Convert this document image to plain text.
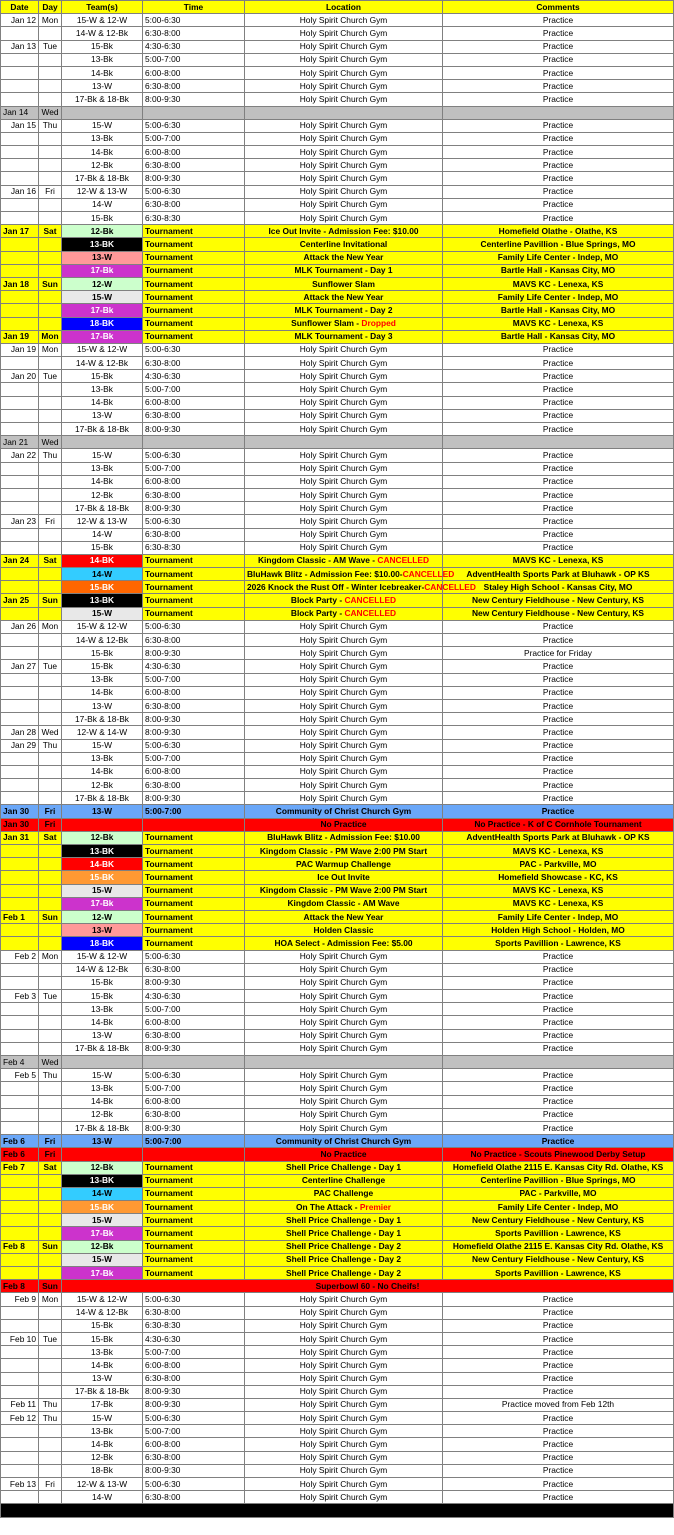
Date	Day	Team(s)	Time	Location	Comments
Jan 12	Mon	15-W & 12-W	5:00-6:30	Holy Spirit Church Gym	Practice
		14-W & 12-Bk	6:30-8:00	Holy Spirit Church Gym	Practice
Jan 13	Tue	15-Bk	4:30-6:30	Holy Spirit Church Gym	Practice
		13-Bk	5:00-7:00	Holy Spirit Church Gym	Practice
		14-Bk	6:00-8:00	Holy Spirit Church Gym	Practice
		13-W	6:30-8:00	Holy Spirit Church Gym	Practice
		17-Bk & 18-Bk	8:00-9:30	Holy Spirit Church Gym	Practice
Jan 14	Wed				
Jan 15	Thu	15-W	5:00-6:30	Holy Spirit Church Gym	Practice
		13-Bk	5:00-7:00	Holy Spirit Church Gym	Practice
		14-Bk	6:00-8:00	Holy Spirit Church Gym	Practice
		12-Bk	6:30-8:00	Holy Spirit Church Gym	Practice
		17-Bk & 18-Bk	8:00-9:30	Holy Spirit Church Gym	Practice
Jan 16	Fri	12-W & 13-W	5:00-6:30	Holy Spirit Church Gym	Practice
		14-W	6:30-8:00	Holy Spirit Church Gym	Practice
		15-Bk	6:30-8:30	Holy Spirit Church Gym	Practice
Jan 17	Sat	12-Bk	Tournament	Ice Out Invite - Admission Fee: $10.00	Homefield Olathe - Olathe, KS
		13-BK	Tournament	Centerline Invitational	Centerline Pavillion - Blue Springs, MO
		13-W	Tournament	Attack the New Year	Family Life Center - Indep, MO
		17-Bk	Tournament	MLK Tournament - Day 1	Bartle Hall - Kansas City, MO
Jan 18	Sun	12-W	Tournament	Sunflower Slam	MAVS KC - Lenexa, KS
		15-W	Tournament	Attack the New Year	Family Life Center - Indep, MO
		17-Bk	Tournament	MLK Tournament - Day 2	Bartle Hall - Kansas City, MO
		18-BK	Tournament	Sunflower Slam - Dropped	MAVS KC - Lenexa, KS
Jan 19	Mon	17-Bk	Tournament	MLK Tournament - Day 3	Bartle Hall - Kansas City, MO
Jan 19	Mon	15-W & 12-W	5:00-6:30	Holy Spirit Church Gym	Practice
		14-W & 12-Bk	6:30-8:00	Holy Spirit Church Gym	Practice
Jan 20	Tue	15-Bk	4:30-6:30	Holy Spirit Church Gym	Practice
		13-Bk	5:00-7:00	Holy Spirit Church Gym	Practice
		14-Bk	6:00-8:00	Holy Spirit Church Gym	Practice
		13-W	6:30-8:00	Holy Spirit Church Gym	Practice
		17-Bk & 18-Bk	8:00-9:30	Holy Spirit Church Gym	Practice
Jan 21	Wed				
Jan 22	Thu	15-W	5:00-6:30	Holy Spirit Church Gym	Practice
		13-Bk	5:00-7:00	Holy Spirit Church Gym	Practice
		14-Bk	6:00-8:00	Holy Spirit Church Gym	Practice
		12-Bk	6:30-8:00	Holy Spirit Church Gym	Practice
		17-Bk & 18-Bk	8:00-9:30	Holy Spirit Church Gym	Practice
Jan 23	Fri	12-W & 13-W	5:00-6:30	Holy Spirit Church Gym	Practice
		14-W	6:30-8:00	Holy Spirit Church Gym	Practice
		15-Bk	6:30-8:30	Holy Spirit Church Gym	Practice
Jan 24	Sat	14-BK	Tournament	Kingdom Classic - AM Wave - CANCELLED	MAVS KC - Lenexa, KS
		14-W	Tournament	BluHawk Blitz - Admission Fee: $10.00-CANCELLED	AdventHealth Sports Park at Bluhawk - OP KS
		15-BK	Tournament	2026 Knock the Rust Off - Winter Icebreaker-CANCELLED	Staley High School - Kansas City, MO
Jan 25	Sun	13-BK	Tournament	Block Party - CANCELLED	New Century Fieldhouse - New Century, KS
		15-W	Tournament	Block Party - CANCELLED	New Century Fieldhouse - New Century, KS
Jan 26	Mon	15-W & 12-W	5:00-6:30	Holy Spirit Church Gym	Practice
		14-W & 12-Bk	6:30-8:00	Holy Spirit Church Gym	Practice
		15-Bk	8:00-9:30	Holy Spirit Church Gym	Practice for Friday
Jan 27	Tue	15-Bk	4:30-6:30	Holy Spirit Church Gym	Practice
		13-Bk	5:00-7:00	Holy Spirit Church Gym	Practice
		14-Bk	6:00-8:00	Holy Spirit Church Gym	Practice
		13-W	6:30-8:00	Holy Spirit Church Gym	Practice
		17-Bk & 18-Bk	8:00-9:30	Holy Spirit Church Gym	Practice
Jan 28	Wed	12-W & 14-W	8:00-9:30	Holy Spirit Church Gym	Practice
Jan 29	Thu	15-W	5:00-6:30	Holy Spirit Church Gym	Practice
		13-Bk	5:00-7:00	Holy Spirit Church Gym	Practice
		14-Bk	6:00-8:00	Holy Spirit Church Gym	Practice
		12-Bk	6:30-8:00	Holy Spirit Church Gym	Practice
		17-Bk & 18-Bk	8:00-9:30	Holy Spirit Church Gym	Practice
Jan 30	Fri	13-W	5:00-7:00	Community of Christ Church Gym	Practice
Jan 30	Fri			No Practice	No Practice - K of C Cornhole Tournament
Jan 31	Sat	12-Bk	Tournament	BluHawk Blitz - Admission Fee: $10.00	AdventHealth Sports Park at Bluhawk - OP KS
		13-BK	Tournament	Kingdom Classic - PM Wave 2:00 PM Start	MAVS KC - Lenexa, KS
		14-BK	Tournament	PAC Warmup Challenge	PAC - Parkville, MO
		15-BK	Tournament	Ice Out Invite	Homefield Showcase - KC, KS
		15-W	Tournament	Kingdom Classic - PM Wave 2:00 PM Start	MAVS KC - Lenexa, KS
		17-Bk	Tournament	Kingdom Classic - AM Wave	MAVS KC - Lenexa, KS
Feb 1	Sun	12-W	Tournament	Attack the New Year	Family Life Center - Indep, MO
		13-W	Tournament	Holden Classic	Holden High School - Holden, MO
		18-BK	Tournament	HOA Select - Admission Fee: $5.00	Sports Pavillion - Lawrence, KS
Feb 2	Mon	15-W & 12-W	5:00-6:30	Holy Spirit Church Gym	Practice
		14-W & 12-Bk	6:30-8:00	Holy Spirit Church Gym	Practice
		15-Bk	8:00-9:30	Holy Spirit Church Gym	Practice
Feb 3	Tue	15-Bk	4:30-6:30	Holy Spirit Church Gym	Practice
		13-Bk	5:00-7:00	Holy Spirit Church Gym	Practice
		14-Bk	6:00-8:00	Holy Spirit Church Gym	Practice
		13-W	6:30-8:00	Holy Spirit Church Gym	Practice
		17-Bk & 18-Bk	8:00-9:30	Holy Spirit Church Gym	Practice
Feb 4	Wed				
Feb 5	Thu	15-W	5:00-6:30	Holy Spirit Church Gym	Practice
		13-Bk	5:00-7:00	Holy Spirit Church Gym	Practice
		14-Bk	6:00-8:00	Holy Spirit Church Gym	Practice
		12-Bk	6:30-8:00	Holy Spirit Church Gym	Practice
		17-Bk & 18-Bk	8:00-9:30	Holy Spirit Church Gym	Practice
Feb 6	Fri	13-W	5:00-7:00	Community of Christ Church Gym	Practice
Feb 6	Fri			No Practice	No Practice - Scouts Pinewood Derby Setup
Feb 7	Sat	12-Bk	Tournament	Shell Price Challenge - Day 1	Homefield Olathe 2115 E. Kansas City Rd. Olathe, KS
		13-BK	Tournament	Centerline Challenge	Centerline Pavillion - Blue Springs, MO
		14-W	Tournament	PAC Challenge	PAC - Parkville, MO
		15-BK	Tournament	On The Attack - Premier	Family Life Center - Indep, MO
		15-W	Tournament	Shell Price Challenge - Day 1	New Century Fieldhouse - New Century, KS
		17-Bk	Tournament	Shell Price Challenge - Day 1	Sports Pavillion - Lawrence, KS
Feb 8	Sun	12-Bk	Tournament	Shell Price Challenge - Day 2	Homefield Olathe 2115 E. Kansas City Rd. Olathe, KS
		15-W	Tournament	Shell Price Challenge - Day 2	New Century Fieldhouse - New Century, KS
		17-Bk	Tournament	Shell Price Challenge - Day 2	Sports Pavillion - Lawrence, KS
Feb 8	Sun	Superbowl 60 - No Cheifs!			
Feb 9	Mon	15-W & 12-W	5:00-6:30	Holy Spirit Church Gym	Practice
		14-W & 12-Bk	6:30-8:00	Holy Spirit Church Gym	Practice
		15-Bk	6:30-8:30	Holy Spirit Church Gym	Practice
Feb 10	Tue	15-Bk	4:30-6:30	Holy Spirit Church Gym	Practice
		13-Bk	5:00-7:00	Holy Spirit Church Gym	Practice
		14-Bk	6:00-8:00	Holy Spirit Church Gym	Practice
		13-W	6:30-8:00	Holy Spirit Church Gym	Practice
		17-Bk & 18-Bk	8:00-9:30	Holy Spirit Church Gym	Practice
Feb 11	Thu	17-Bk	8:00-9:30	Holy Spirit Church Gym	Practice moved from Feb 12th
Feb 12	Thu	15-W	5:00-6:30	Holy Spirit Church Gym	Practice
		13-Bk	5:00-7:00	Holy Spirit Church Gym	Practice
		14-Bk	6:00-8:00	Holy Spirit Church Gym	Practice
		12-Bk	6:30-8:00	Holy Spirit Church Gym	Practice
		18-Bk	8:00-9:30	Holy Spirit Church Gym	Practice
Feb 13	Fri	12-W & 13-W	5:00-6:30	Holy Spirit Church Gym	Practice
		14-W	6:30-8:00	Holy Spirit Church Gym	Practice
More Pending					
